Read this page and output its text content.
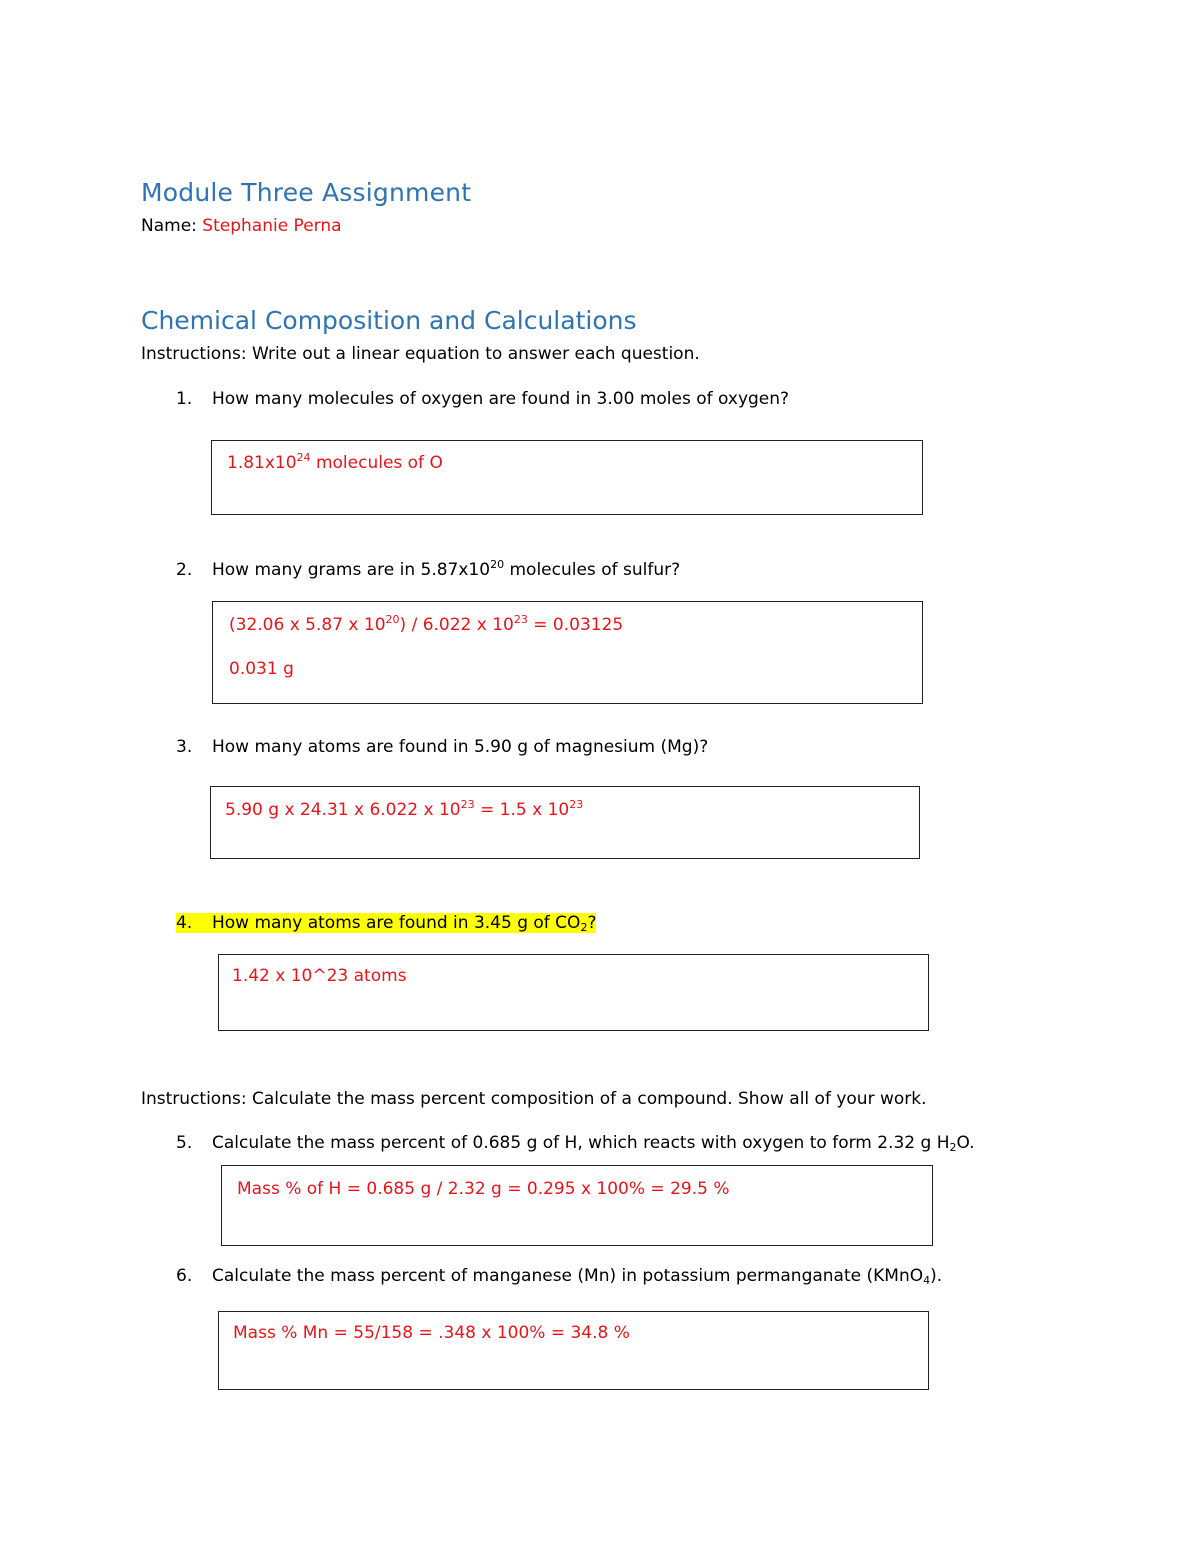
Module Three Assignment
Name: Stephanie Perna
Chemical Composition and Calculations
Instructions: Write out a linear equation to answer each question.
1. How many molecules of oxygen are found in 3.00 moles of oxygen?
$1.81x10^{24}$ molecules of O
2. How many grams are in $5.87x10^{20}$ molecules of sulfur?
(32.06 x 5.87 x $10^{20}) / 6.022$ x $10^{23} = 0.03125$
0.031 g
3. How many atoms are found in 5.90 g of magnesium (Mg)?
5.90 g x 24.31 x 6.022 x $10^{23} = 1.5$ x $10^{23}$
4. How many atoms are found in 3.45 g of $CO_2$?
1.42 x 10^23 atoms
Instructions: Calculate the mass percent composition of a compound. Show all of your work.
5. Calculate the mass percent of 0.685 g of H, which reacts with oxygen to form 2.32 g $H_2O$.
Mass % of H = 0.685 g / 2.32 g = 0.295 x 100% = 29.5 %
6. Calculate the mass percent of manganese (Mn) in potassium permanganate (KMnO$_4$).
Mass % Mn = 55/158 = .348 x 100% = 34.8 %
